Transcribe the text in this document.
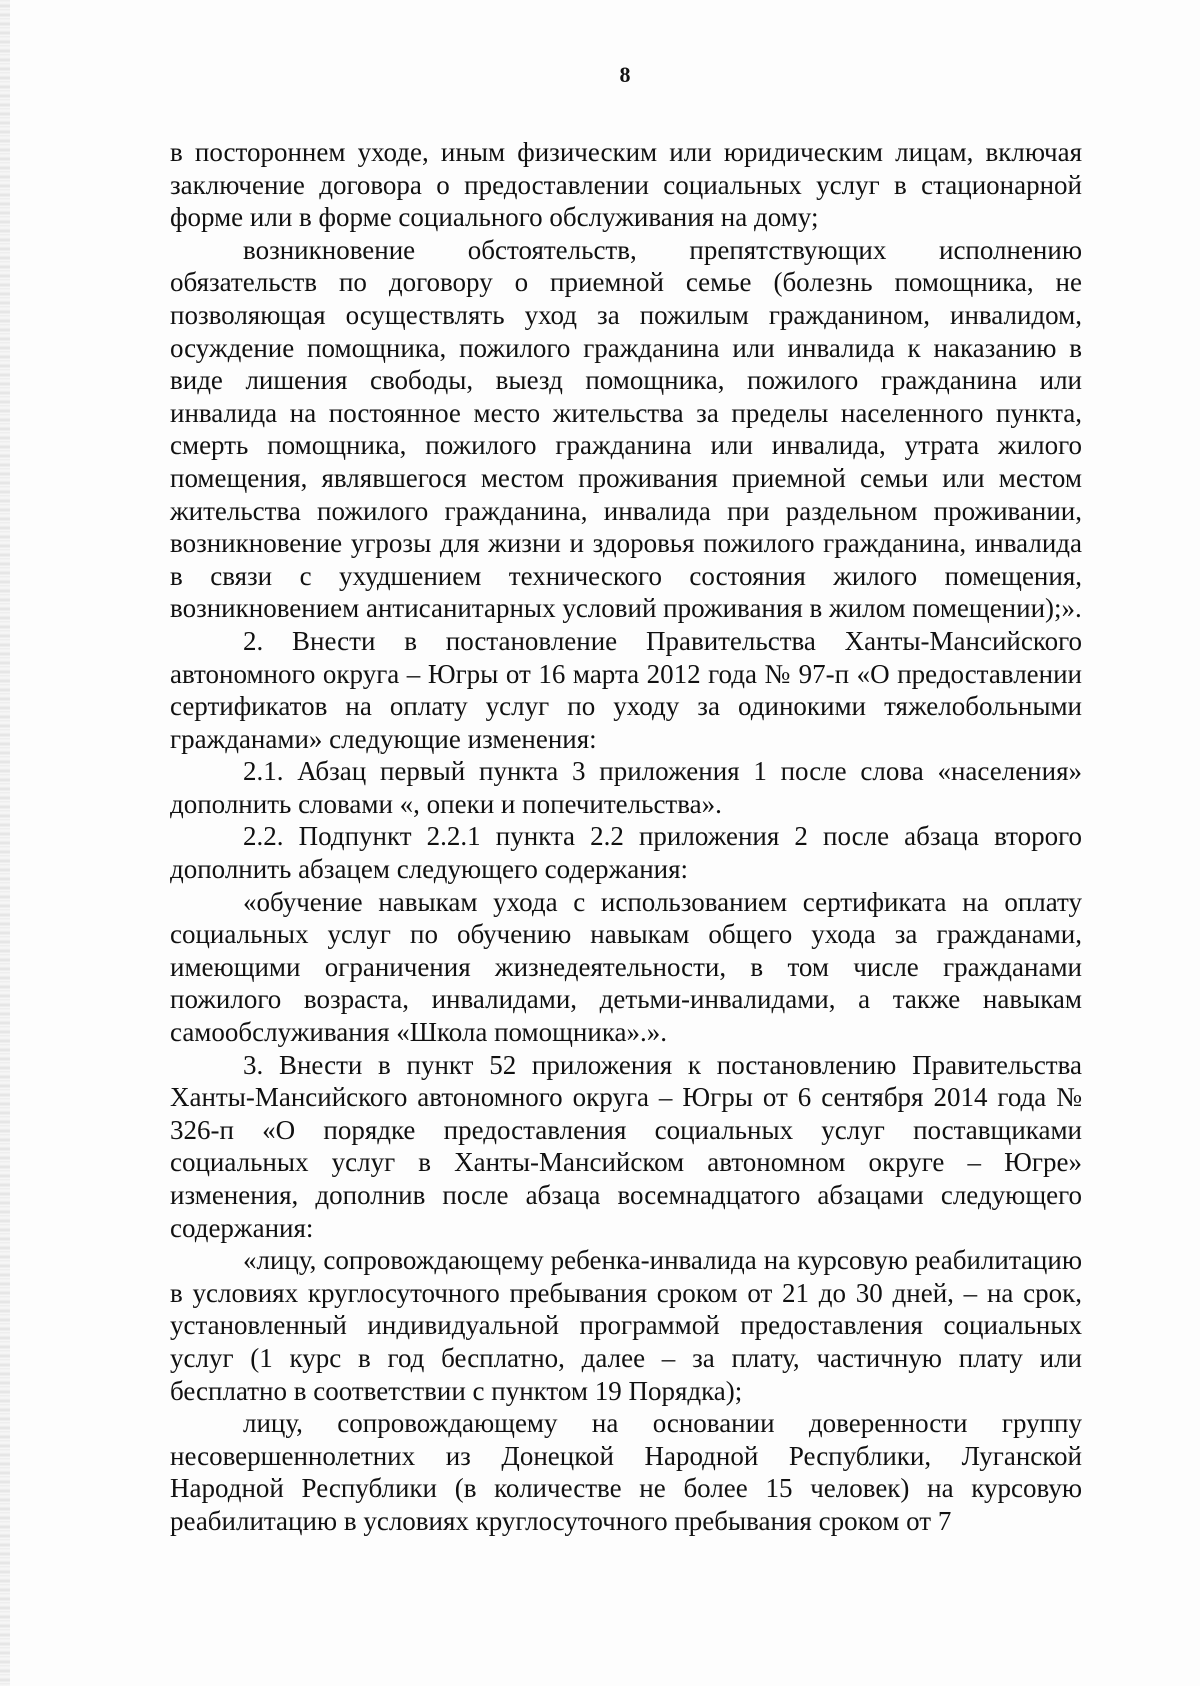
8

в постороннем уходе, иным физическим или юридическим лицам, включая заключение договора о предоставлении социальных услуг в стационарной форме или в форме социального обслуживания на дому;

возникновение обстоятельств, препятствующих исполнению обязательств по договору о приемной семье (болезнь помощника, не позволяющая осуществлять уход за пожилым гражданином, инвалидом, осуждение помощника, пожилого гражданина или инвалида к наказанию в виде лишения свободы, выезд помощника, пожилого гражданина или инвалида на постоянное место жительства за пределы населенного пункта, смерть помощника, пожилого гражданина или инвалида, утрата жилого помещения, являвшегося местом проживания приемной семьи или местом жительства пожилого гражданина, инвалида при раздельном проживании, возникновение угрозы для жизни и здоровья пожилого гражданина, инвалида в связи с ухудшением технического состояния жилого помещения, возникновением антисанитарных условий проживания в жилом помещении);».

2. Внести в постановление Правительства Ханты-Мансийского автономного округа – Югры от 16 марта 2012 года № 97-п «О предоставлении сертификатов на оплату услуг по уходу за одинокими тяжелобольными гражданами» следующие изменения:

2.1. Абзац первый пункта 3 приложения 1 после слова «населения» дополнить словами «, опеки и попечительства».

2.2. Подпункт 2.2.1 пункта 2.2 приложения 2 после абзаца второго дополнить абзацем следующего содержания:

«обучение навыкам ухода с использованием сертификата на оплату социальных услуг по обучению навыкам общего ухода за гражданами, имеющими ограничения жизнедеятельности, в том числе гражданами пожилого возраста, инвалидами, детьми-инвалидами, а также навыкам самообслуживания «Школа помощника».».

3. Внести в пункт 52 приложения к постановлению Правительства Ханты-Мансийского автономного округа – Югры от 6 сентября 2014 года № 326-п «О порядке предоставления социальных услуг поставщиками социальных услуг в Ханты-Мансийском автономном округе – Югре» изменения, дополнив после абзаца восемнадцатого абзацами следующего содержания:

«лицу, сопровождающему ребенка-инвалида на курсовую реабилитацию в условиях круглосуточного пребывания сроком от 21 до 30 дней, – на срок, установленный индивидуальной программой предоставления социальных услуг (1 курс в год бесплатно, далее – за плату, частичную плату или бесплатно в соответствии с пунктом 19 Порядка);

лицу, сопровождающему на основании доверенности группу несовершеннолетних из Донецкой Народной Республики, Луганской Народной Республики (в количестве не более 15 человек) на курсовую реабилитацию в условиях круглосуточного пребывания сроком от 7
